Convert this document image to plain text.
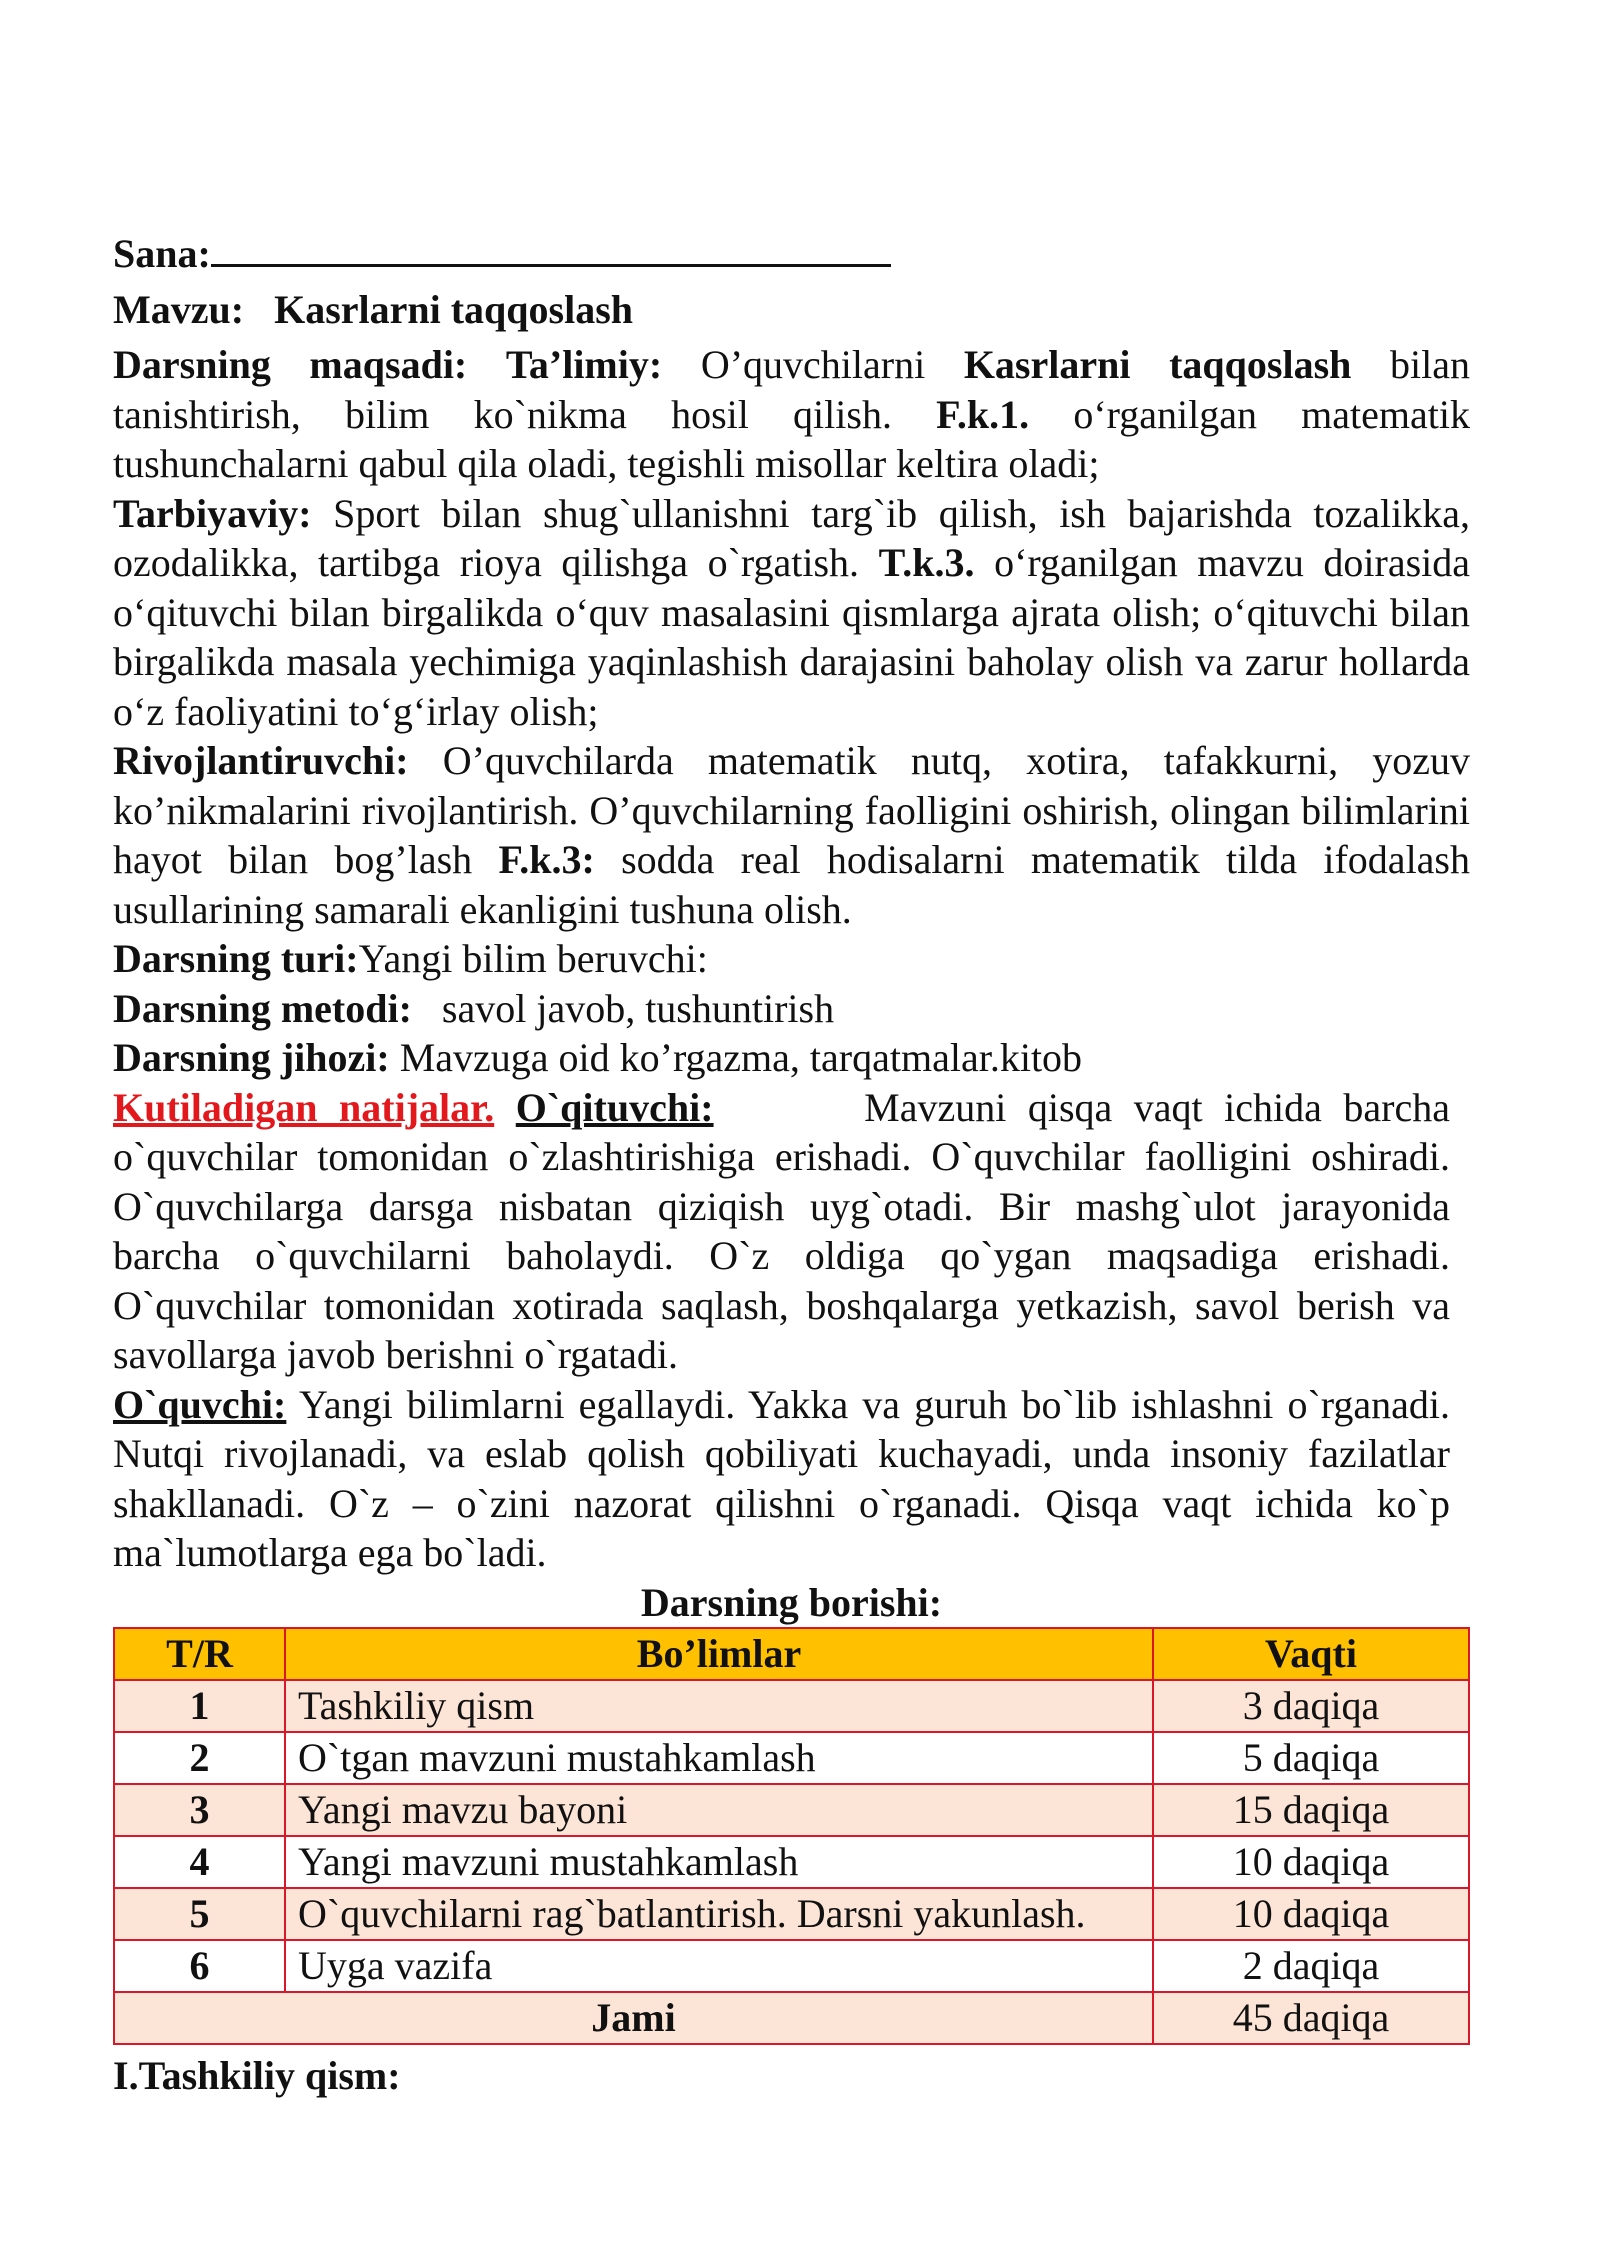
Sana:

Mavzu: Kasrlarni taqqoslash

Darsning maqsadi: Ta’limiy: O’quvchilarni Kasrlarni taqqoslash bilan tanishtirish, bilim ko`nikma hosil qilish. F.k.1. o‘rganilgan matematik tushunchalarni qabul qila oladi, tegishli misollar keltira oladi;

Tarbiyaviy: Sport bilan shug`ullanishni targ`ib qilish, ish bajarishda tozalikka, ozodalikka, tartibga rioya qilishga o`rgatish. T.k.3. o‘rganilgan mavzu doirasida o‘qituvchi bilan birgalikda o‘quv masalasini qismlarga ajrata olish; o‘qituvchi bilan birgalikda masala yechimiga yaqinlashish darajasini baholay olish va zarur hollarda o‘z faoliyatini to‘g‘irlay olish;

Rivojlantiruvchi: O’quvchilarda matematik nutq, xotira, tafakkurni, yozuv ko’nikmalarini rivojlantirish. O’quvchilarning faolligini oshirish, olingan bilimlarini hayot bilan bog’lash F.k.3: sodda real hodisalarni matematik tilda ifodalash usullarining samarali ekanligini tushuna olish.

Darsning turi:Yangi bilim beruvchi:

Darsning metodi: savol javob, tushuntirish

Darsning jihozi: Mavzuga oid ko’rgazma, tarqatmalar.kitob

Kutiladigan natijalar. O`qituvchi:	Mavzuni qisqa vaqt ichida barcha o`quvchilar tomonidan o`zlashtirishiga erishadi. O`quvchilar faolligini oshiradi. O`quvchilarga darsga nisbatan qiziqish uyg`otadi. Bir mashg`ulot jarayonida barcha o`quvchilarni baholaydi. O`z oldiga qo`ygan maqsadiga erishadi. O`quvchilar tomonidan xotirada saqlash, boshqalarga yetkazish, savol berish va savollarga javob berishni o`rgatadi.

O`quvchi: Yangi bilimlarni egallaydi. Yakka va guruh bo`lib ishlashni o`rganadi. Nutqi rivojlanadi, va eslab qolish qobiliyati kuchayadi, unda insoniy fazilatlar shakllanadi. O`z – o`zini nazorat qilishni o`rganadi. Qisqa vaqt ichida ko`p ma`lumotlarga ega bo`ladi.

Darsning borishi:

T/R	Bo’limlar	Vaqti
1	Tashkiliy qism	3 daqiqa
2	O`tgan mavzuni mustahkamlash	5 daqiqa
3	Yangi mavzu bayoni	15 daqiqa
4	Yangi mavzuni mustahkamlash	10 daqiqa
5	O`quvchilarni rag`batlantirish. Darsni yakunlash.	10 daqiqa
6	Uyga vazifa	2 daqiqa
Jami		45 daqiqa

I.Tashkiliy qism:
